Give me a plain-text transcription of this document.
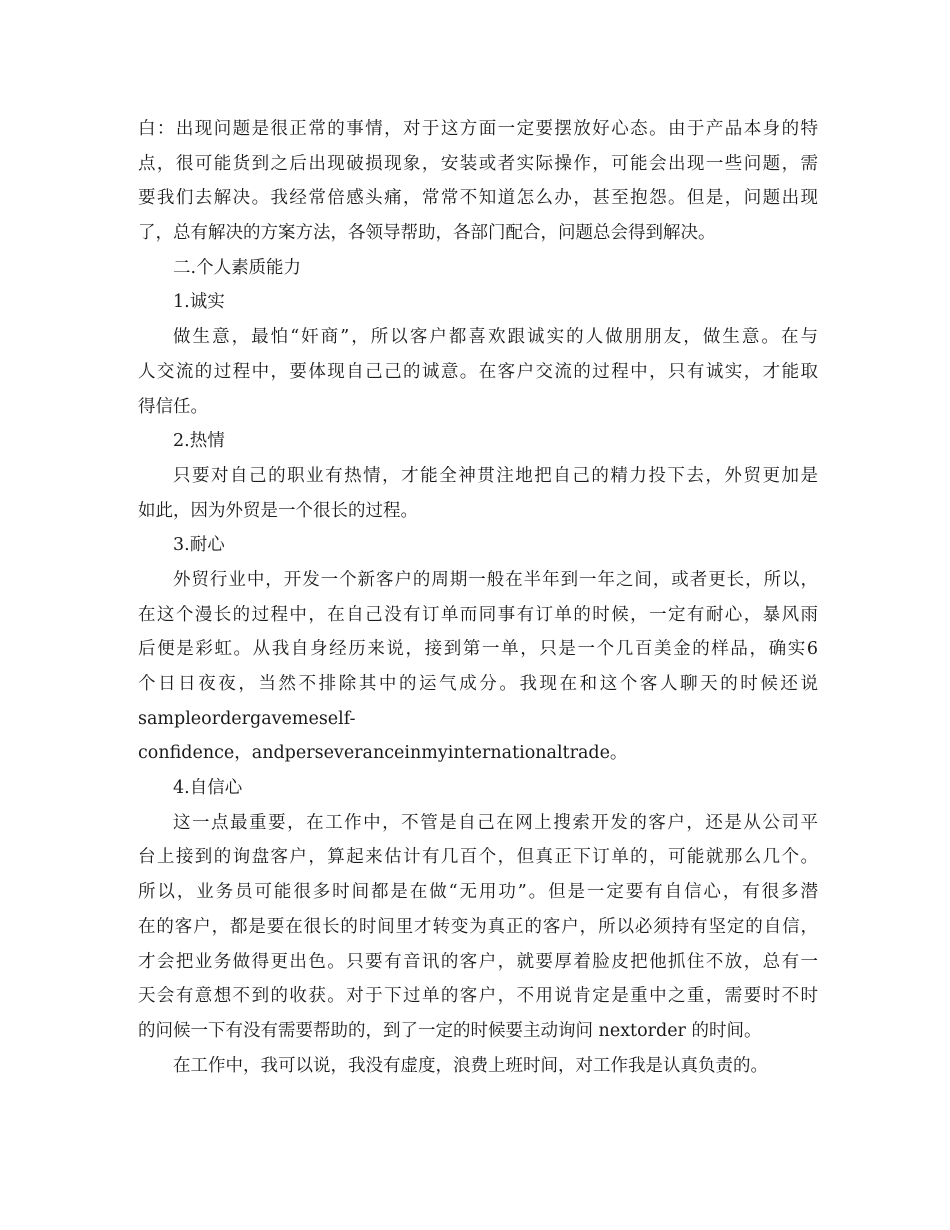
白：出现问题是很正常的事情，对于这方面一定要摆放好心态。由于产品本身的特
点，很可能货到之后出现破损现象，安装或者实际操作，可能会出现一些问题，需
要我们去解决。我经常倍感头痛，常常不知道怎么办，甚至抱怨。但是，问题出现
了，总有解决的方案方法，各领导帮助，各部门配合，问题总会得到解决。
二.个人素质能力
1.诚实
做生意，最怕“奸商”，所以客户都喜欢跟诚实的人做朋朋友，做生意。在与
人交流的过程中，要体现自己己的诚意。在客户交流的过程中，只有诚实，才能取
得信任。
2.热情
只要对自己的职业有热情，才能全神贯注地把自己的精力投下去，外贸更加是
如此，因为外贸是一个很长的过程。
3.耐心
外贸行业中，开发一个新客户的周期一般在半年到一年之间，或者更长，所以，
在这个漫长的过程中，在自己没有订单而同事有订单的时候，一定有耐心，暴风雨
后便是彩虹。从我自身经历来说，接到第一单，只是一个几百美金的样品，确实6
个日日夜夜，当然不排除其中的运气成分。我现在和这个客人聊天的时候还说
sampleordergavemeself-
confidence，andperseveranceinmyinternationaltrade。
4.自信心
这一点最重要，在工作中，不管是自己在网上搜索开发的客户，还是从公司平
台上接到的询盘客户，算起来估计有几百个，但真正下订单的，可能就那么几个。
所以，业务员可能很多时间都是在做“无用功”。但是一定要有自信心，有很多潜
在的客户，都是要在很长的时间里才转变为真正的客户，所以必须持有坚定的自信，
才会把业务做得更出色。只要有音讯的客户，就要厚着脸皮把他抓住不放，总有一
天会有意想不到的收获。对于下过单的客户，不用说肯定是重中之重，需要时不时
的问候一下有没有需要帮助的，到了一定的时候要主动询问 nextorder 的时间。
在工作中，我可以说，我没有虚度，浪费上班时间，对工作我是认真负责的。
